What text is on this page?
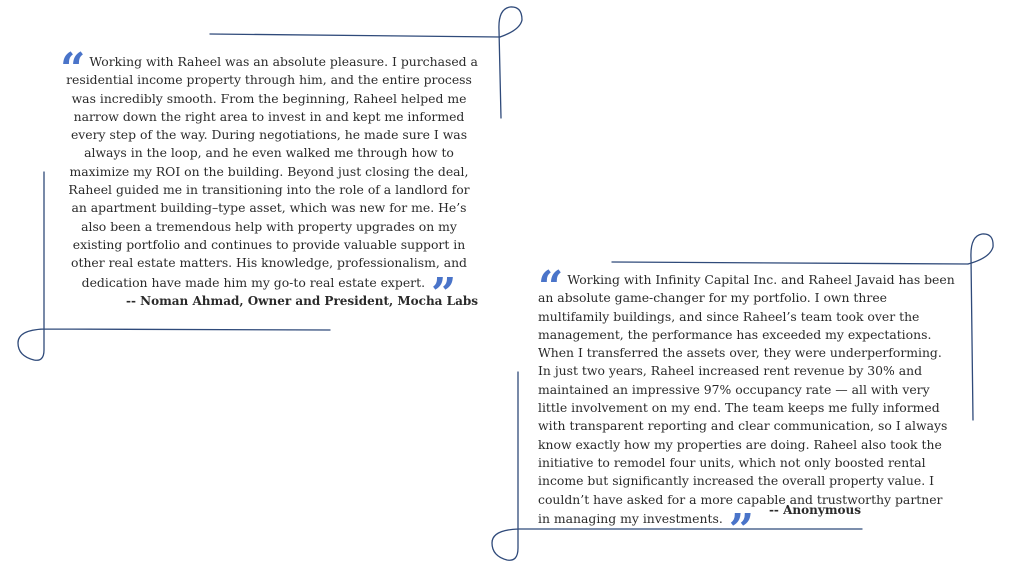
“ Working with Raheel was an absolute pleasure. I purchased a residential income property through him, and the entire process was incredibly smooth. From the beginning, Raheel helped me narrow down the right area to invest in and kept me informed every step of the way. During negotiations, he made sure I was always in the loop, and he even walked me through how to maximize my ROI on the building. Beyond just closing the deal, Raheel guided me in transitioning into the role of a landlord for an apartment building–type asset, which was new for me. He’s also been a tremendous help with property upgrades on my existing portfolio and continues to provide valuable support in other real estate matters. His knowledge, professionalism, and dedication have made him my go-to real estate expert. ”

-- Noman Ahmad, Owner and President, Mocha Labs “ Working with Infinity Capital Inc. and Raheel Javaid has been an absolute game-changer for my portfolio. I own three multifamily buildings, and since Raheel’s team took over the management, the performance has exceeded my expectations. When I transferred the assets over, they were underperforming. In just two years, Raheel increased rent revenue by 30% and maintained an impressive 97% occupancy rate — all with very little involvement on my end. The team keeps me fully informed with transparent reporting and clear communication, so I always know exactly how my properties are doing. Raheel also took the initiative to remodel four units, which not only boosted rental income but significantly increased the overall property value. I couldn’t have asked for a more capable and trustworthy partner in managing my investments. ”	-- Anonymous
